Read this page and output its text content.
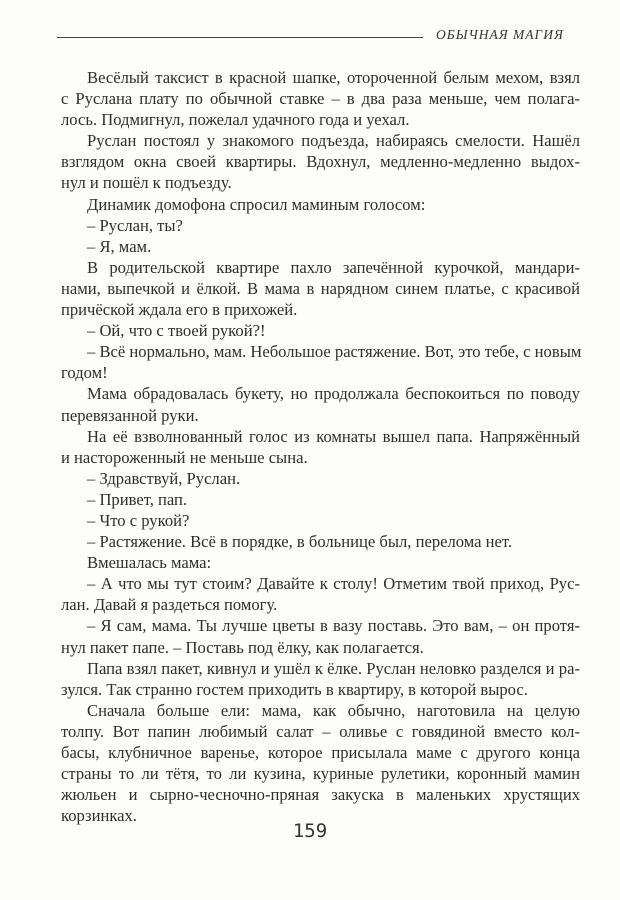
ОБЫЧНАЯ МАГИЯ
Весёлый таксист в красной шапке, отороченной белым мехом, взял
с Руслана плату по обычной ставке – в два раза меньше, чем полага-
лось. Подмигнул, пожелал удачного года и уехал.
Руслан постоял у знакомого подъезда, набираясь смелости. Нашёл
взглядом окна своей квартиры. Вдохнул, медленно-медленно выдох-
нул и пошёл к подъезду.
Динамик домофона спросил маминым голосом:
– Руслан, ты?
– Я, мам.
В родительской квартире пахло запечённой курочкой, мандари-
нами, выпечкой и ёлкой. В мама в нарядном синем платье, с красивой
причёской ждала его в прихожей.
– Ой, что с твоей рукой?!
– Всё нормально, мам. Небольшое растяжение. Вот, это тебе, с новым
годом!
Мама обрадовалась букету, но продолжала беспокоиться по поводу
перевязанной руки.
На её взволнованный голос из комнаты вышел папа. Напряжённый
и настороженный не меньше сына.
– Здравствуй, Руслан.
– Привет, пап.
– Что с рукой?
– Растяжение. Всё в порядке, в больнице был, перелома нет.
Вмешалась мама:
– А что мы тут стоим? Давайте к столу! Отметим твой приход, Рус-
лан. Давай я раздеться помогу.
– Я сам, мама. Ты лучше цветы в вазу поставь. Это вам, – он протя-
нул пакет папе. – Поставь под ёлку, как полагается.
Папа взял пакет, кивнул и ушёл к ёлке. Руслан неловко разделся и ра-
зулся. Так странно гостем приходить в квартиру, в которой вырос.
Сначала больше ели: мама, как обычно, наготовила на целую
толпу. Вот папин любимый салат – оливье с говядиной вместо кол-
басы, клубничное варенье, которое присылала маме с другого конца
страны то ли тётя, то ли кузина, куриные рулетики, коронный мамин
жюльен и сырно-чесночно-пряная закуска в маленьких хрустящих
корзинках.
159
